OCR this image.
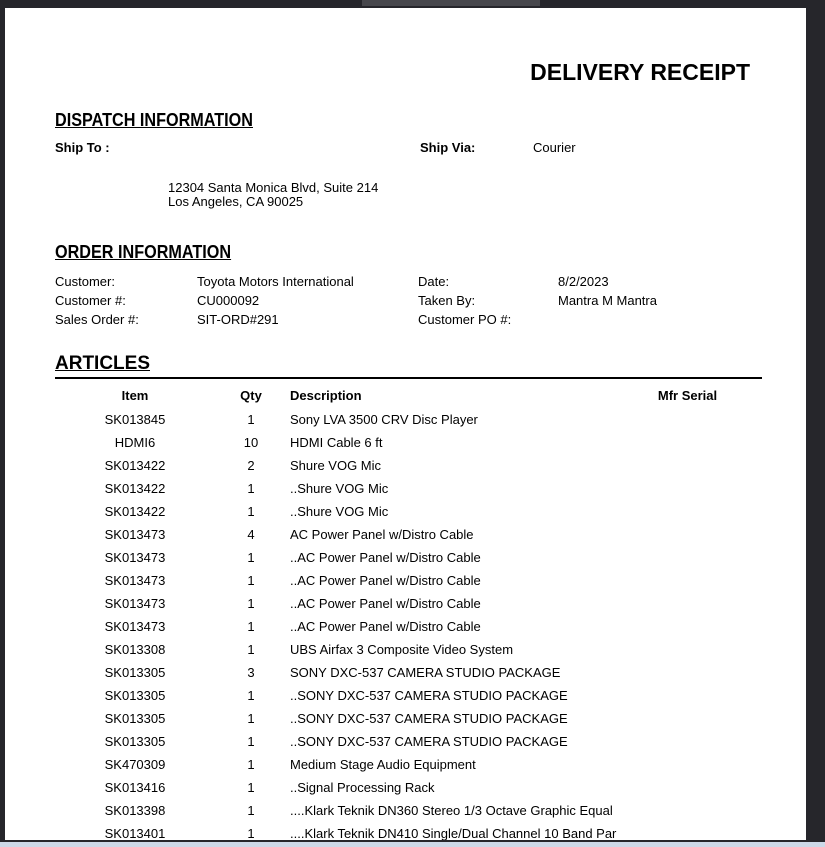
DELIVERY RECEIPT
DISPATCH INFORMATION
Ship To :	Ship Via:	Courier
12304 Santa Monica Blvd, Suite 214
Los Angeles, CA 90025
ORDER INFORMATION
Customer:	Toyota Motors International	Date:	8/2/2023
Customer #:	CU000092	Taken By:	Mantra M Mantra
Sales Order #:	SIT-ORD#291	Customer PO #:
ARTICLES
Item	Qty	Description	Mfr Serial
SK013845	1	Sony LVA 3500 CRV Disc Player
HDMI6	10	HDMI Cable 6 ft
SK013422	2	Shure VOG Mic
SK013422	1	..Shure VOG Mic
SK013422	1	..Shure VOG Mic
SK013473	4	AC Power Panel w/Distro Cable
SK013473	1	..AC Power Panel w/Distro Cable
SK013473	1	..AC Power Panel w/Distro Cable
SK013473	1	..AC Power Panel w/Distro Cable
SK013473	1	..AC Power Panel w/Distro Cable
SK013308	1	UBS Airfax 3 Composite Video System
SK013305	3	SONY DXC-537 CAMERA STUDIO PACKAGE
SK013305	1	..SONY DXC-537 CAMERA STUDIO PACKAGE
SK013305	1	..SONY DXC-537 CAMERA STUDIO PACKAGE
SK013305	1	..SONY DXC-537 CAMERA STUDIO PACKAGE
SK470309	1	Medium Stage Audio Equipment
SK013416	1	..Signal Processing Rack
SK013398	1	....Klark Teknik DN360 Stereo 1/3 Octave Graphic Equal
SK013401	1	....Klark Teknik DN410 Single/Dual Channel 10 Band Par
